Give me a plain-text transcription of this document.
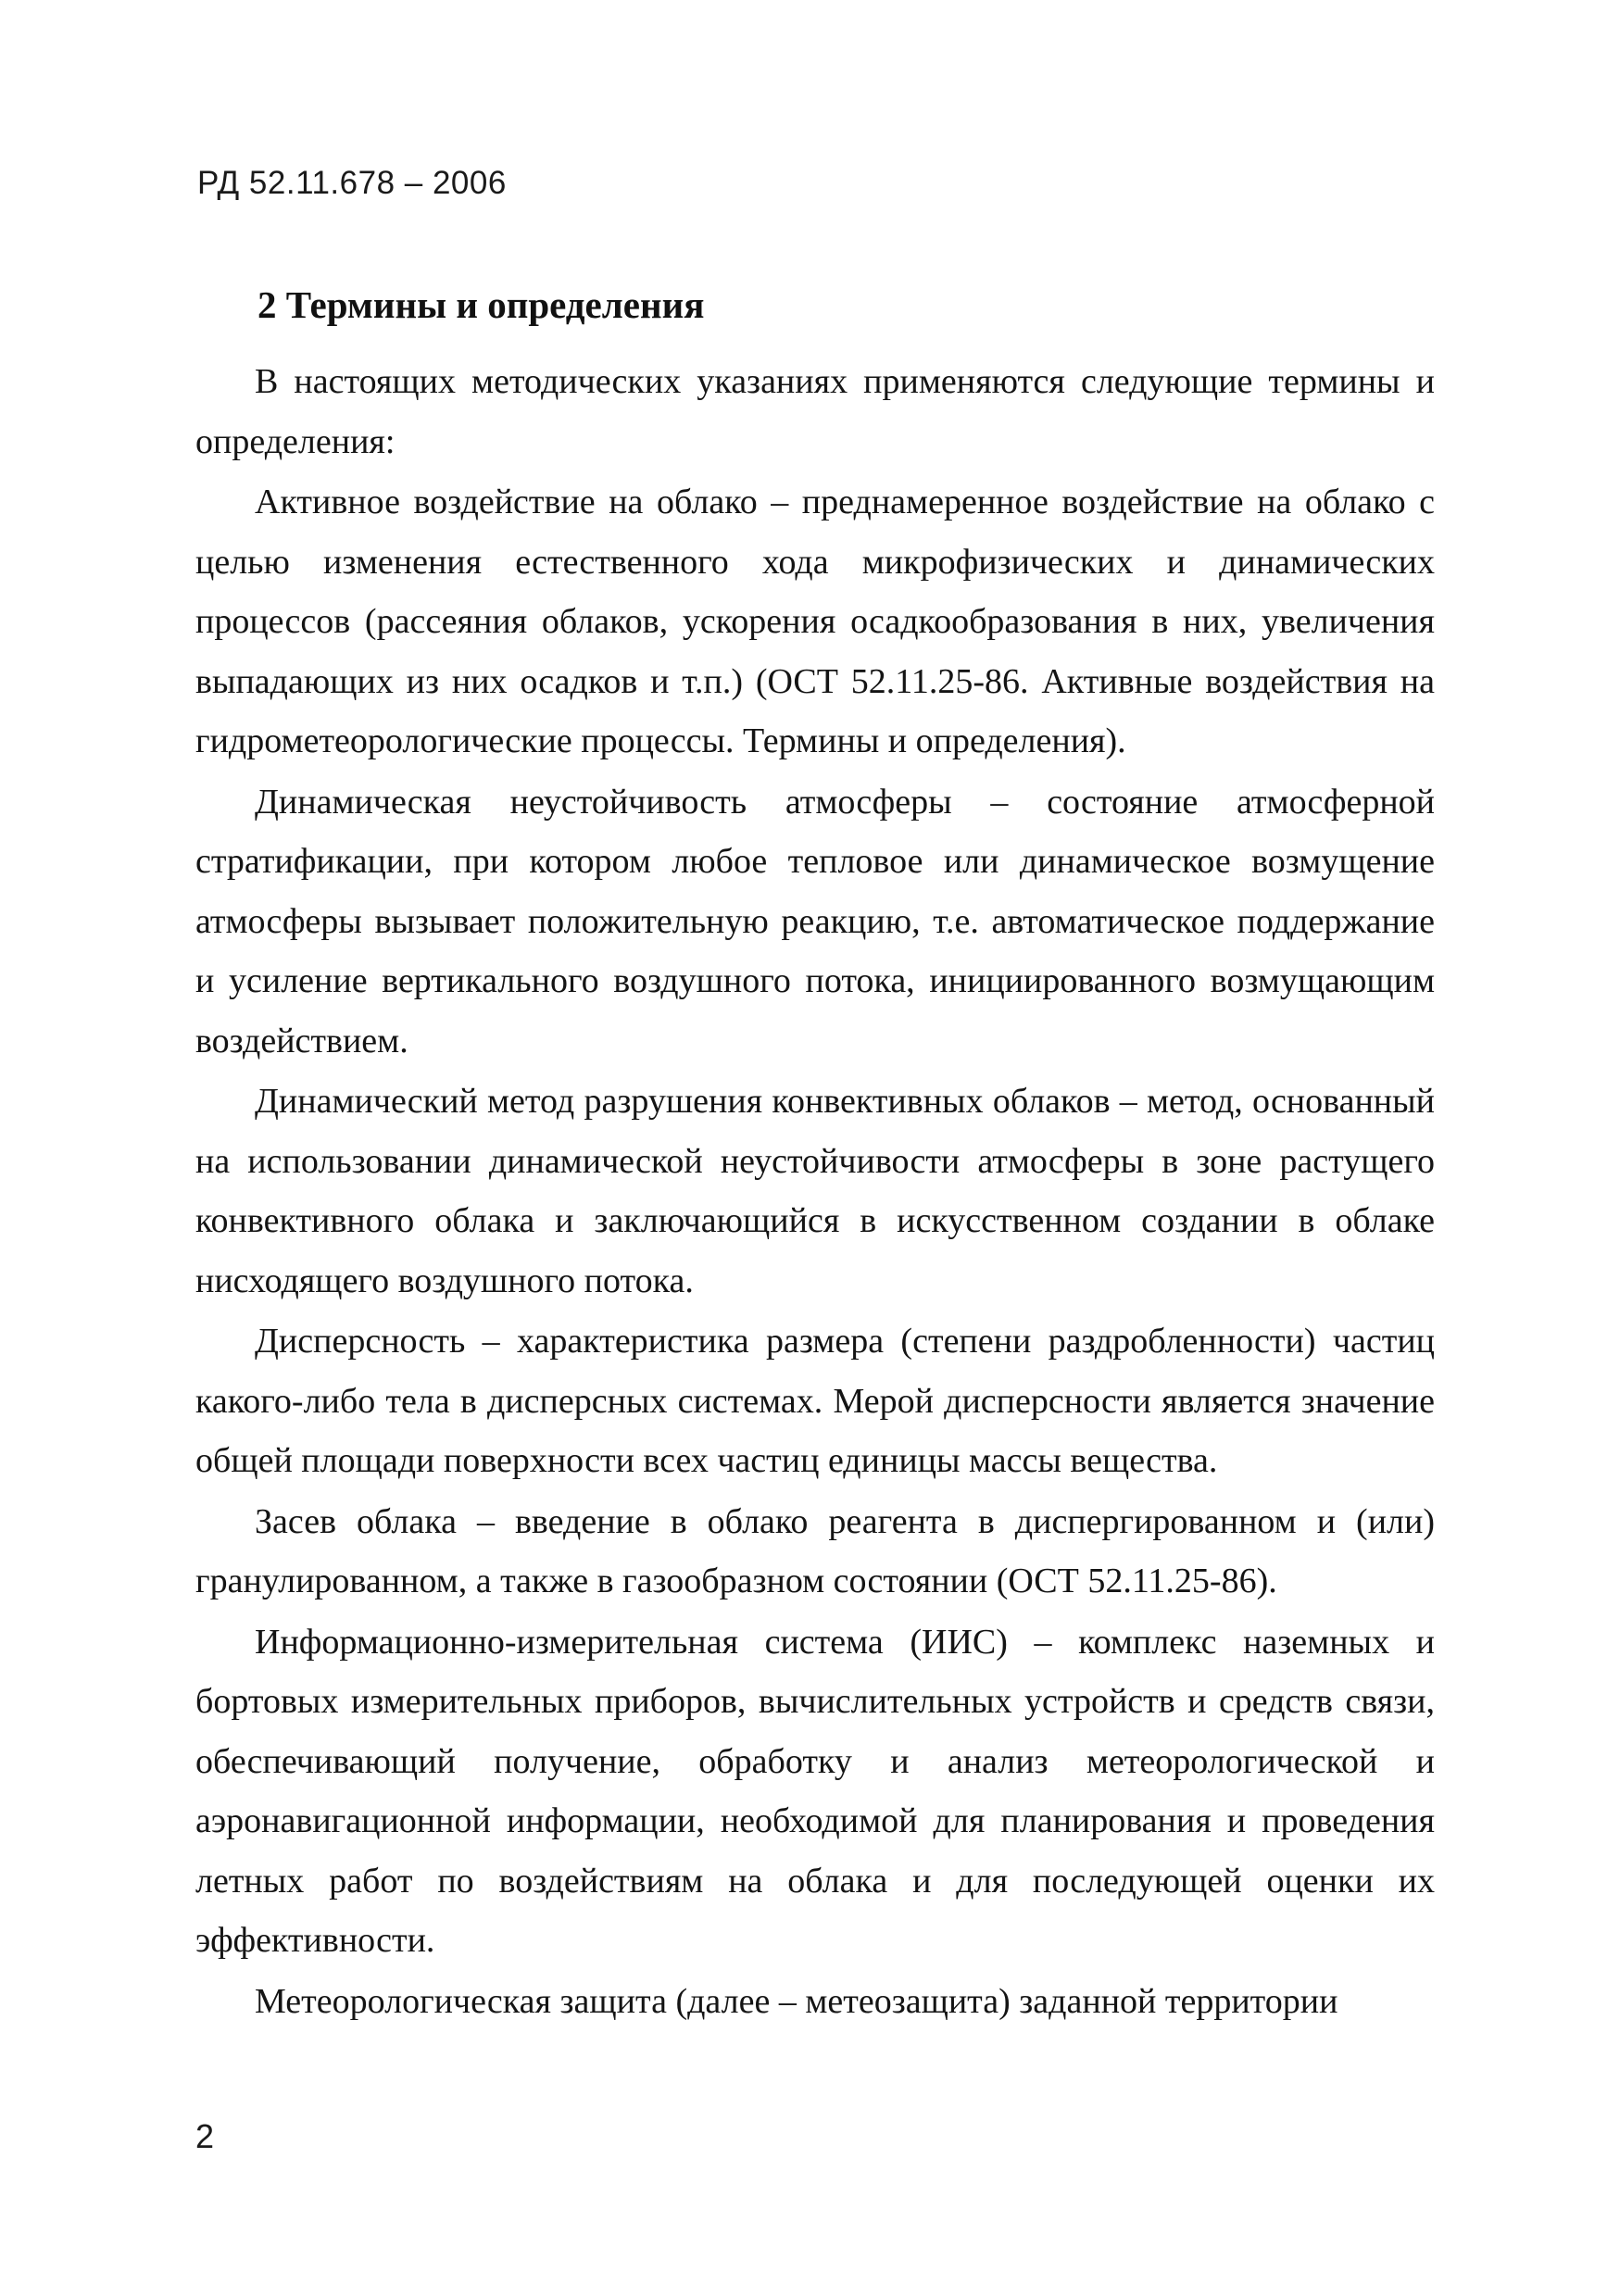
РД 52.11.678 – 2006
2 Термины и определения

В настоящих методических указаниях применяются следующие термины и определения:

Активное воздействие на облако – преднамеренное воздействие на облако с целью изменения естественного хода микрофизических и динамических процессов (рассеяния облаков, ускорения осадкообразования в них, увеличения выпадающих из них осадков и т.п.) (ОСТ 52.11.25-86. Активные воздействия на гидрометеорологические процессы. Термины и определения).

Динамическая неустойчивость атмосферы – состояние атмосферной стратификации, при котором любое тепловое или динамическое возмущение атмосферы вызывает положительную реакцию, т.е. автоматическое поддержание и усиление вертикального воздушного потока, инициированного возмущающим воздействием.

Динамический метод разрушения конвективных облаков – метод, основанный на использовании динамической неустойчивости атмосферы в зоне растущего конвективного облака и заключающийся в искусственном создании в облаке нисходящего воздушного потока.

Дисперсность – характеристика размера (степени раздробленности) частиц какого-либо тела в дисперсных системах. Мерой дисперсности является значение общей площади поверхности всех частиц единицы массы вещества.

Засев облака – введение в облако реагента в диспергированном и (или) гранулированном, а также в газообразном состоянии (ОСТ 52.11.25-86).

Информационно-измерительная система (ИИС) – комплекс наземных и бортовых измерительных приборов, вычислительных устройств и средств связи, обеспечивающий получение, обработку и анализ метеорологической и аэронавигационной информации, необходимой для планирования и проведения летных работ по воздействиям на облака и для последующей оценки их эффективности.

Метеорологическая защита (далее – метеозащита) заданной территории

2
